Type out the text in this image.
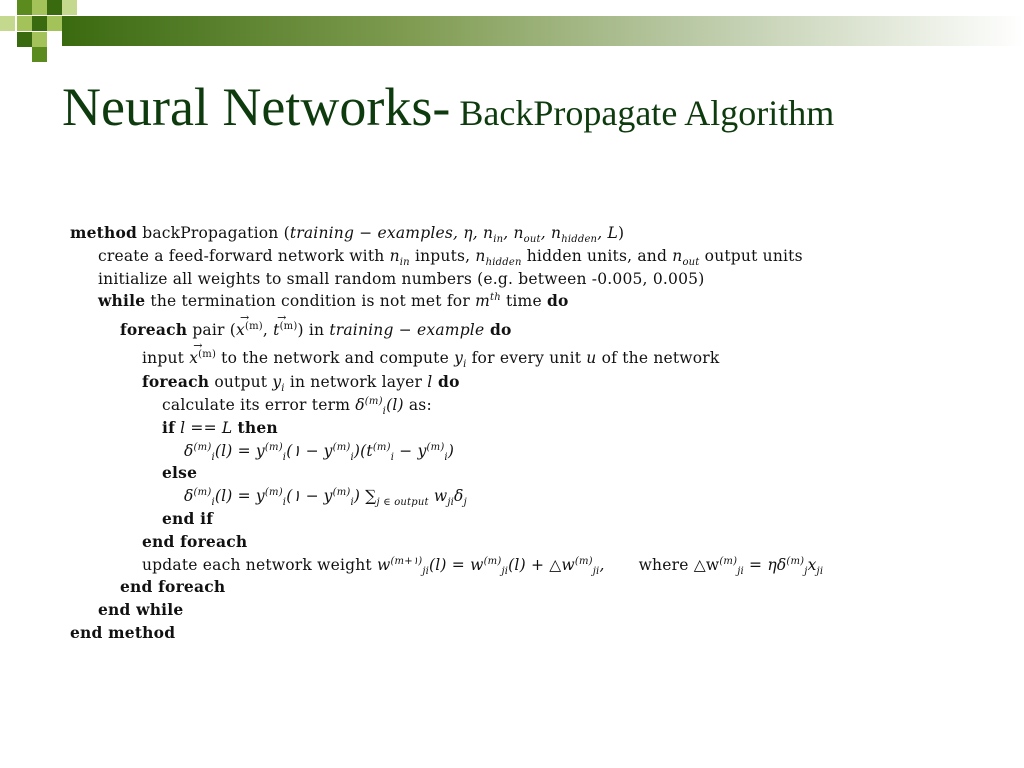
Neural Networks- BackPropagate Algorithm
method backPropagation (training − examples, η, $n_{in}$, $n_{out}$, $n_{hidden}$, L)
create a feed-forward network with $n_{in}$ inputs, $n_{hidden}$ hidden units, and $n_{out}$ output units
initialize all weights to small random numbers (e.g. between -0.005, 0.005)
while the termination condition is not met for $m^{th}$ time do
foreach pair (→ $x^{(m)}$, → $t^{(m)}$) in training − example do
input → $x^{(m)}$ to the network and compute $y_i$ for every unit u of the network
foreach output $y_i$ in network layer l do
calculate its error term $\delta^{(m)}_i(l)$ as:
if l == L then
$\delta^{(m)}_i(l)$ = $y^{(m)}_i(١ - y^{(m)}_i)(t^{(m)}_i - y^{(m)}_i)$
else
$\delta^{(m)}_i(l)$ = $y^{(m)}_i(١ - y^{(m)}_i)$ $\sum_{j \in output}$ $w_{ji}\delta_j$
end if
end foreach
update each network weight $w^{(m+١)}_{ji}(l) = w^{(m)}_{ji}(l)$ + $\triangle w^{(m)}_{ji}$, where $\triangle w^{(m)}_{ji} = \eta\delta^{(m)}_jx_{ji}$
end foreach
end while
end method
